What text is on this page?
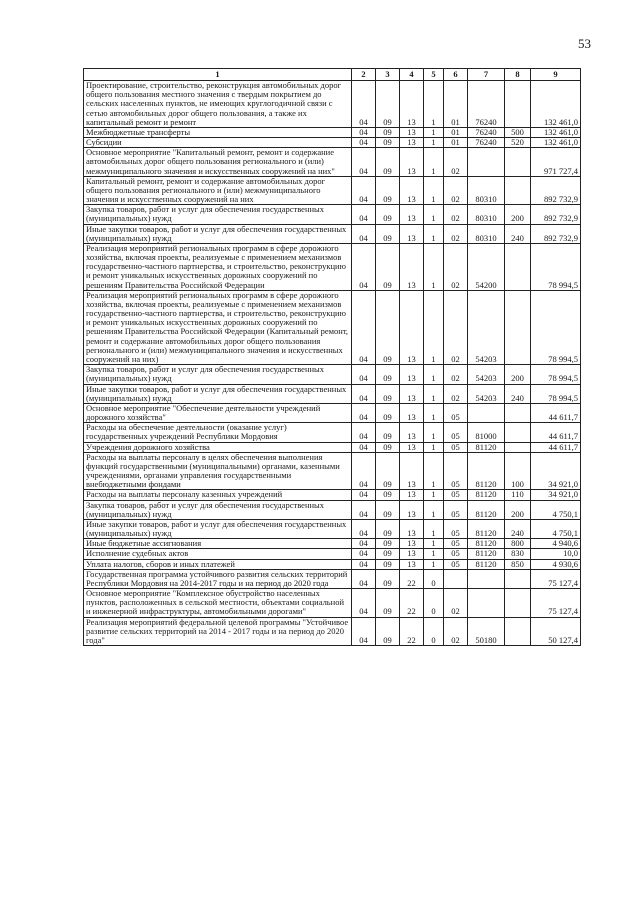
53
1	2	3	4	5	6	7	8	9
Проектирование, строительство, реконструкция автомобильных дорог общего пользования местного значения с твердым покрытием до сельских населенных пунктов, не имеющих круглогодичной связи с сетью автомобильных дорог общего пользования, а также их капитальный ремонт и ремонт	04	09	13	1	01	76240		132 461,0
Межбюджетные трансферты	04	09	13	1	01	76240	500	132 461,0
Субсидии	04	09	13	1	01	76240	520	132 461,0
Основное мероприятие "Капитальный ремонт, ремонт и содержание автомобильных дорог общего пользования регионального и (или) межмуниципального значения и искусственных сооружений на них"	04	09	13	1	02			971 727,4
Капитальный ремонт, ремонт и содержание автомобильных дорог общего пользования регионального и (или) межмуниципального значения и искусственных сооружений на них	04	09	13	1	02	80310		892 732,9
Закупка товаров, работ и услуг для обеспечения государственных (муниципальных) нужд	04	09	13	1	02	80310	200	892 732,9
Иные закупки товаров, работ и услуг для обеспечения государственных (муниципальных) нужд	04	09	13	1	02	80310	240	892 732,9
Реализация мероприятий региональных программ в сфере дорожного хозяйства, включая проекты, реализуемые с применением механизмов государственно-частного партнерства, и строительство, реконструкцию и ремонт уникальных искусственных дорожных сооружений по решениям Правительства Российской Федерации	04	09	13	1	02	54200		78 994,5
Реализация мероприятий региональных программ в сфере дорожного хозяйства, включая проекты, реализуемые с применением механизмов государственно-частного партнерства, и строительство, реконструкцию и ремонт уникальных искусственных дорожных сооружений по решениям Правительства Российской Федерации (Капитальный ремонт, ремонт и содержание автомобильных дорог общего пользования регионального и (или) межмуниципального значения и искусственных сооружений на них)	04	09	13	1	02	54203		78 994,5
Закупка товаров, работ и услуг для обеспечения государственных (муниципальных) нужд	04	09	13	1	02	54203	200	78 994,5
Иные закупки товаров, работ и услуг для обеспечения государственных (муниципальных) нужд	04	09	13	1	02	54203	240	78 994,5
Основное мероприятие "Обеспечение деятельности учреждений дорожного хозяйства"	04	09	13	1	05			44 611,7
Расходы на обеспечение деятельности (оказание услуг) государственных учреждений Республики Мордовия	04	09	13	1	05	81000		44 611,7
Учреждения дорожного хозяйства	04	09	13	1	05	81120		44 611,7
Расходы на выплаты персоналу в целях обеспечения выполнения функций государственными (муниципальными) органами, казенными учреждениями, органами управления государственными внебюджетными фондами	04	09	13	1	05	81120	100	34 921,0
Расходы на выплаты персоналу казенных учреждений	04	09	13	1	05	81120	110	34 921,0
Закупка товаров, работ и услуг для обеспечения государственных (муниципальных) нужд	04	09	13	1	05	81120	200	4 750,1
Иные закупки товаров, работ и услуг для обеспечения государственных (муниципальных) нужд	04	09	13	1	05	81120	240	4 750,1
Иные бюджетные ассигнования	04	09	13	1	05	81120	800	4 940,6
Исполнение судебных актов	04	09	13	1	05	81120	830	10,0
Уплата налогов, сборов и иных платежей	04	09	13	1	05	81120	850	4 930,6
Государственная программа устойчивого развития сельских территорий Республики Мордовия на 2014-2017 годы и на период до 2020 года	04	09	22	0				75 127,4
Основное мероприятие "Комплексное обустройство населенных пунктов, расположенных в сельской местности, объектами социальной и инженерной инфраструктуры, автомобильными дорогами"	04	09	22	0	02			75 127,4
Реализация мероприятий федеральной целевой программы "Устойчивое развитие сельских территорий на 2014 - 2017 годы и на период до 2020 года"	04	09	22	0	02	50180		50 127,4
